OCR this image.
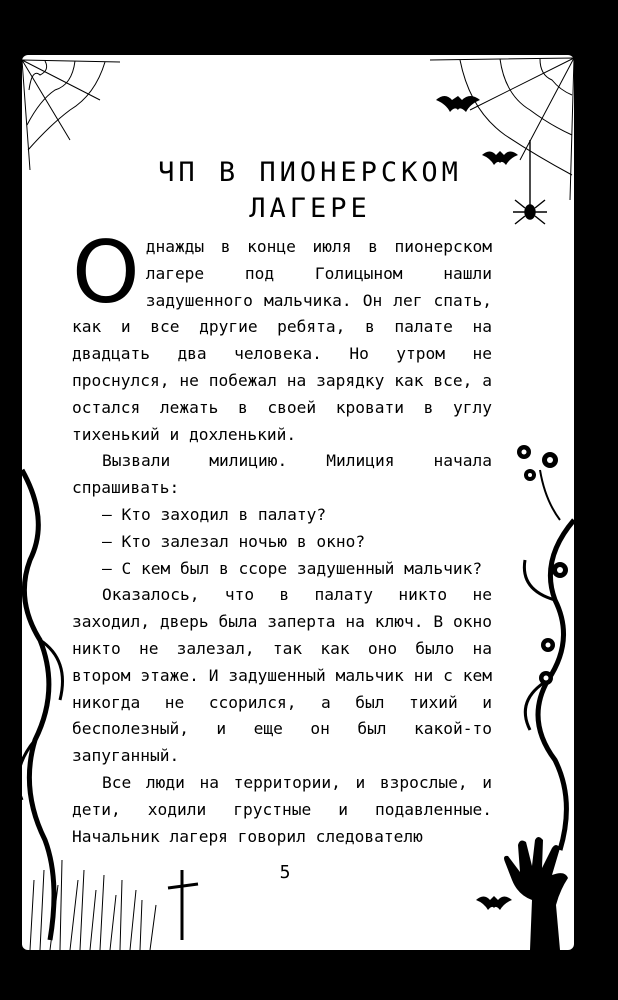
ЧП В ПИОНЕРСКОМ
ЛАГЕРЕ

Однажды в конце июля в пионерском лагере под Голицыном нашли задушенного мальчика. Он лег спать, как и все другие ребята, в палате на двадцать два человека. Но утром не проснулся, не побежал на зарядку как все, а остался лежать в своей кровати в углу тихенький и дохленький.

Вызвали милицию. Милиция начала спрашивать:

— Кто заходил в палату?

— Кто залезал ночью в окно?

— С кем был в ссоре задушенный мальчик?

Оказалось, что в палату никто не заходил, дверь была заперта на ключ. В окно никто не залезал, так как оно было на втором этаже. И задушенный мальчик ни с кем никогда не ссорился, а был тихий и бесполезный, и еще он был какой-то запуганный.

Все люди на территории, и взрослые, и дети, ходили грустные и подавленные. Начальник лагеря говорил следователю

5
